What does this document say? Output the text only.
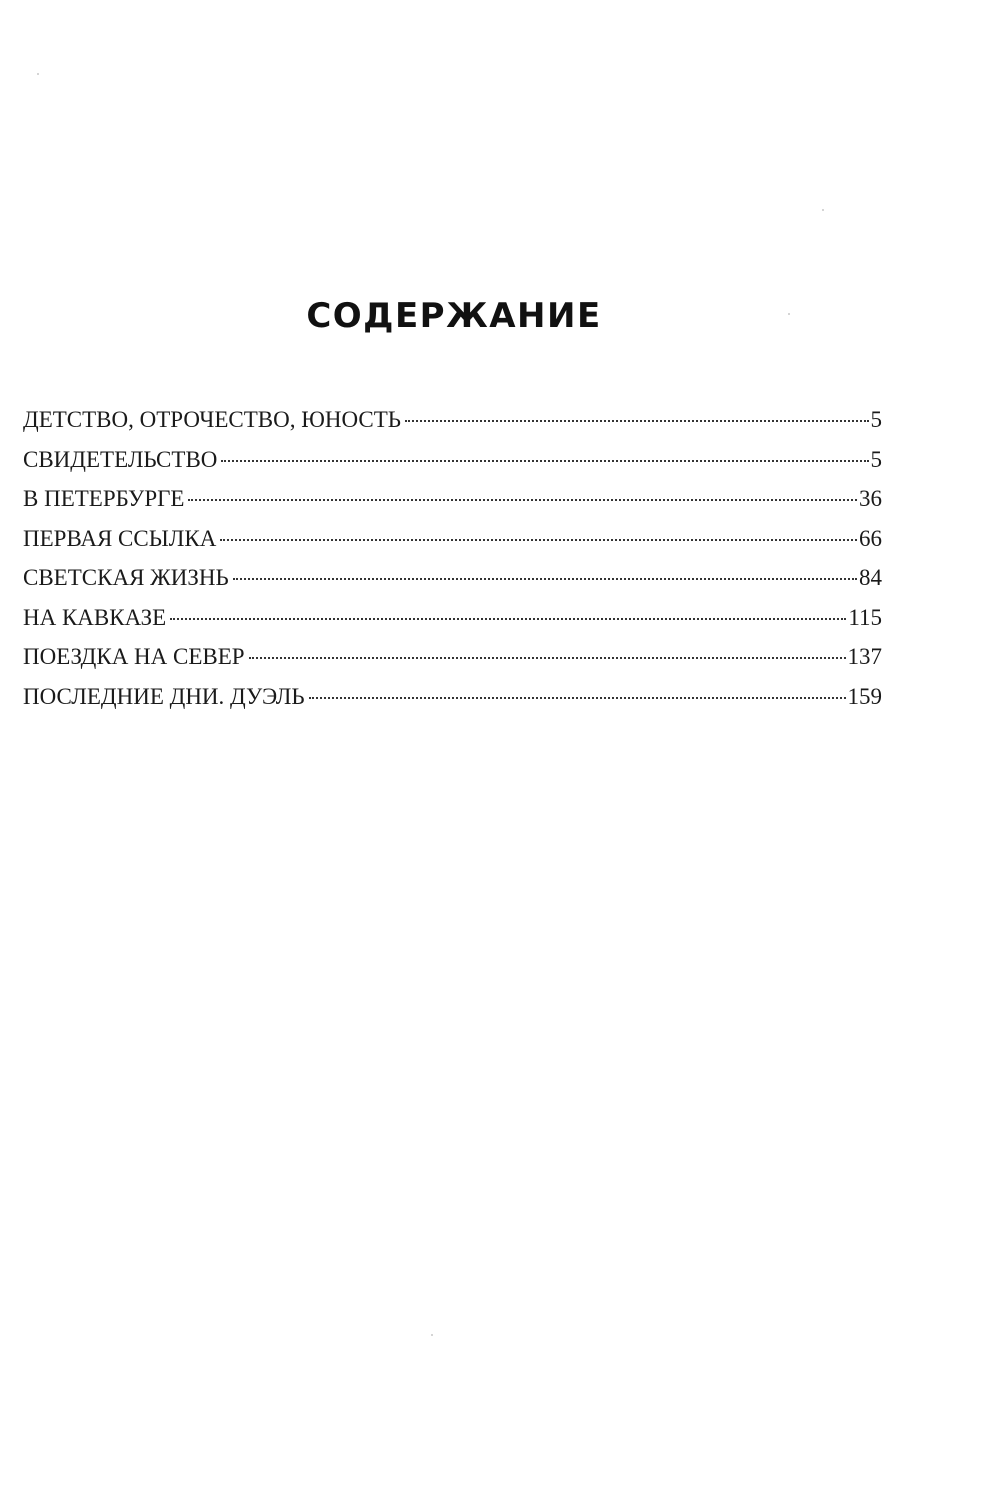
СОДЕРЖАНИЕ
ДЕТСТВО, ОТРОЧЕСТВО, ЮНОСТЬ	5
СВИДЕТЕЛЬСТВО	5
В ПЕТЕРБУРГЕ	36
ПЕРВАЯ ССЫЛКА	66
СВЕТСКАЯ ЖИЗНЬ	84
НА КАВКАЗЕ	115
ПОЕЗДКА НА СЕВЕР	137
ПОСЛЕДНИЕ ДНИ. ДУЭЛЬ	159
